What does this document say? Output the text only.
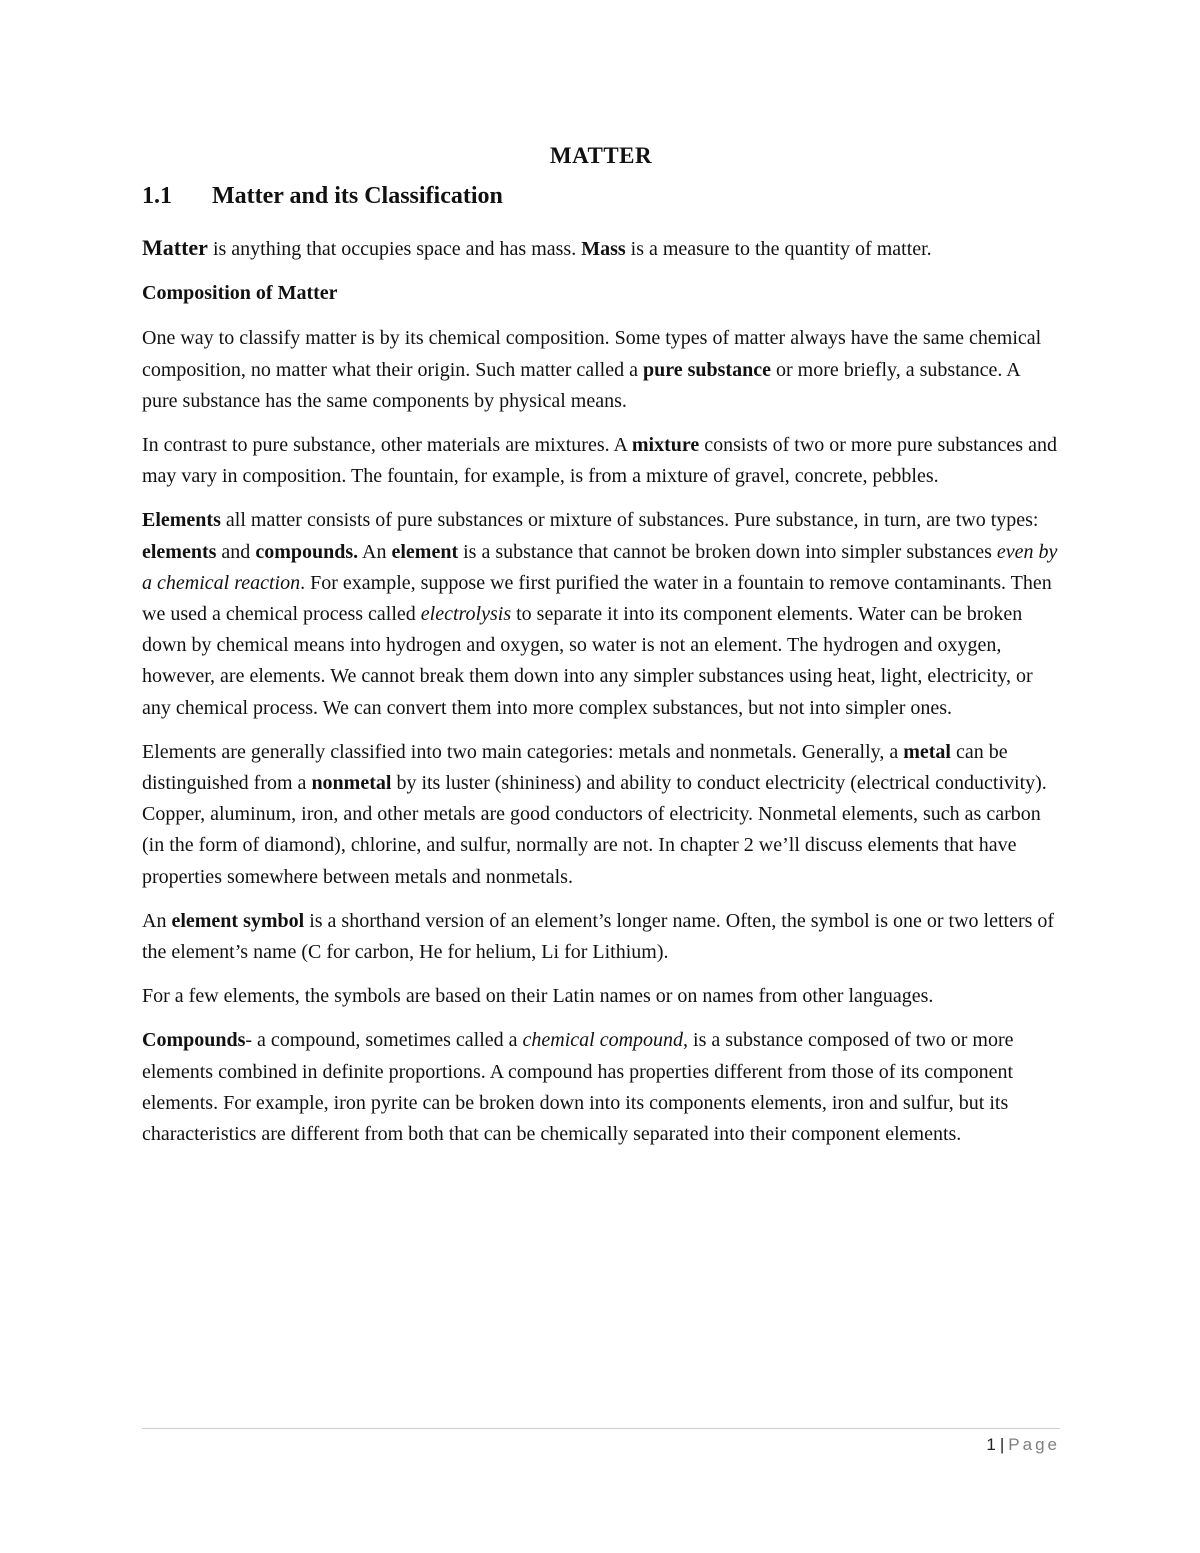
MATTER
1.1	Matter and its Classification

Matter is anything that occupies space and has mass. Mass is a measure to the quantity of matter.

Composition of Matter

One way to classify matter is by its chemical composition. Some types of matter always have the same chemical composition, no matter what their origin. Such matter called a pure substance or more briefly, a substance. A pure substance has the same components by physical means.

In contrast to pure substance, other materials are mixtures. A mixture consists of two or more pure substances and may vary in composition. The fountain, for example, is from a mixture of gravel, concrete, pebbles.

Elements all matter consists of pure substances or mixture of substances. Pure substance, in turn, are two types: elements and compounds. An element is a substance that cannot be broken down into simpler substances even by a chemical reaction. For example, suppose we first purified the water in a fountain to remove contaminants. Then we used a chemical process called electrolysis to separate it into its component elements. Water can be broken down by chemical means into hydrogen and oxygen, so water is not an element. The hydrogen and oxygen, however, are elements. We cannot break them down into any simpler substances using heat, light, electricity, or any chemical process. We can convert them into more complex substances, but not into simpler ones.

Elements are generally classified into two main categories: metals and nonmetals. Generally, a metal can be distinguished from a nonmetal by its luster (shininess) and ability to conduct electricity (electrical conductivity). Copper, aluminum, iron, and other metals are good conductors of electricity. Nonmetal elements, such as carbon (in the form of diamond), chlorine, and sulfur, normally are not. In chapter 2 we’ll discuss elements that have properties somewhere between metals and nonmetals.

An element symbol is a shorthand version of an element’s longer name. Often, the symbol is one or two letters of the element’s name (C for carbon, He for helium, Li for Lithium).

For a few elements, the symbols are based on their Latin names or on names from other languages.

Compounds- a compound, sometimes called a chemical compound, is a substance composed of two or more elements combined in definite proportions. A compound has properties different from those of its component elements. For example, iron pyrite can be broken down into its components elements, iron and sulfur, but its characteristics are different from both that can be chemically separated into their component elements.

1 | Page
